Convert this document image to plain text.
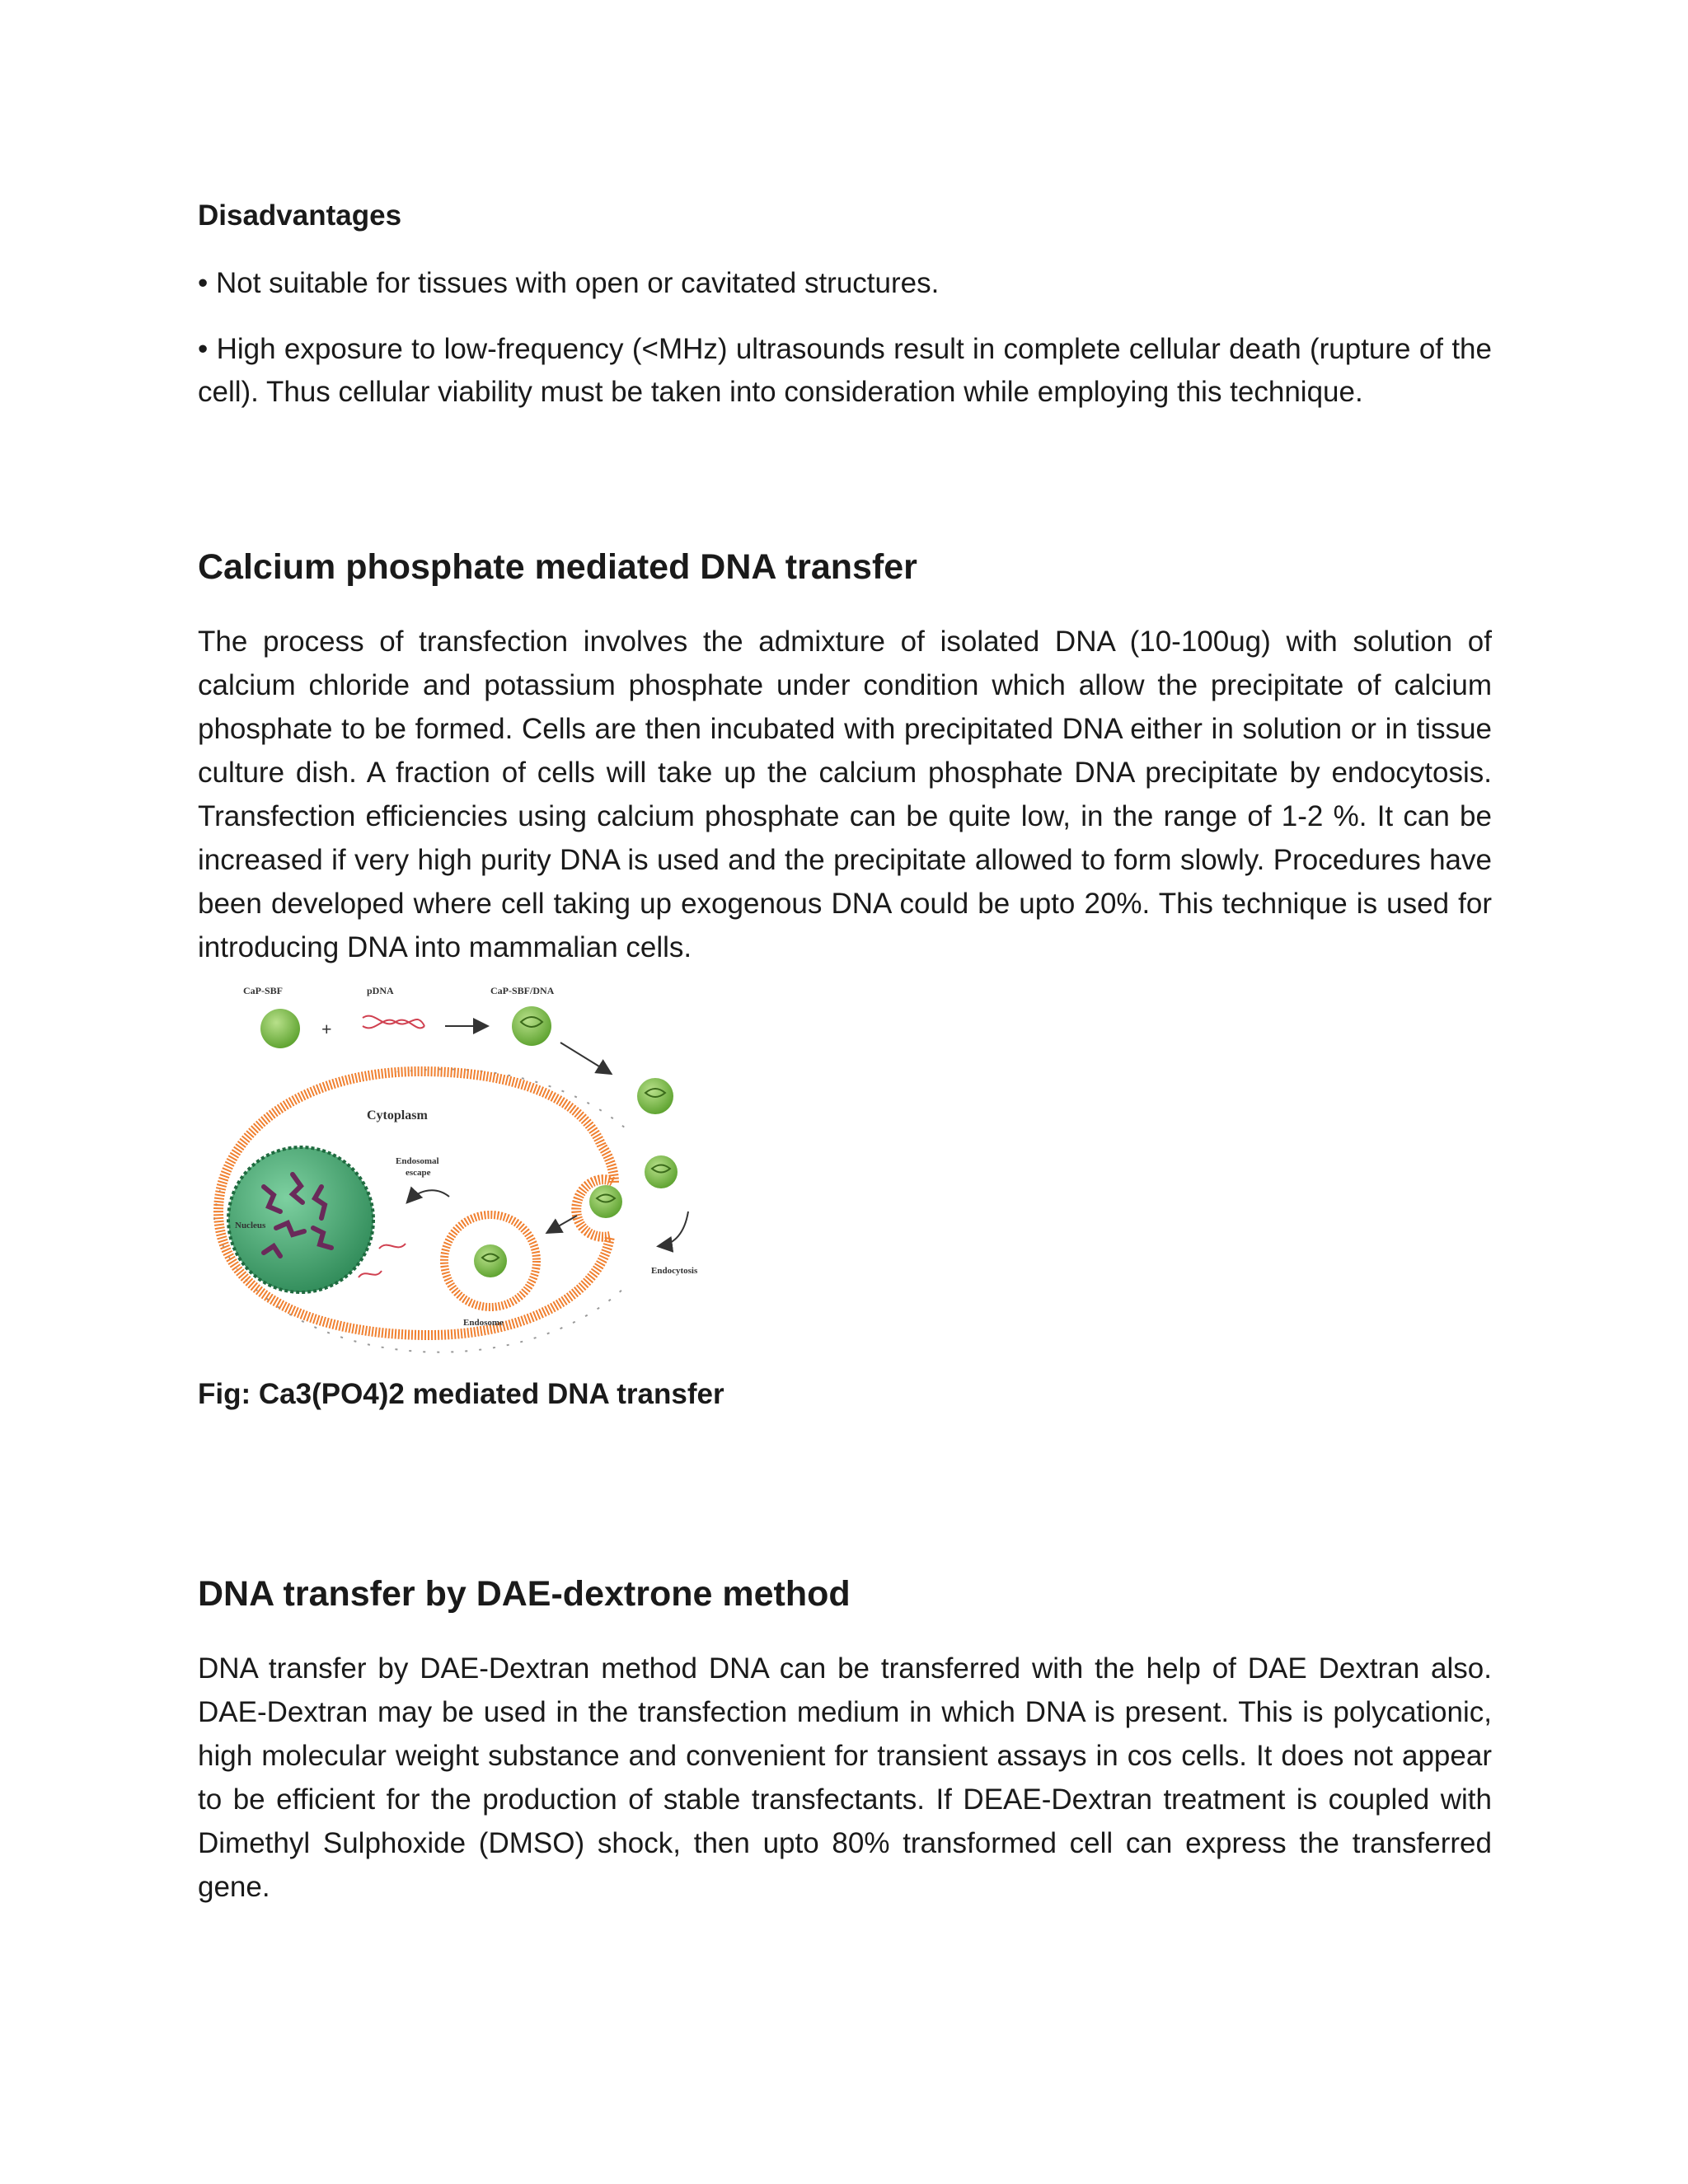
Disadvantages

• Not suitable for tissues with open or cavitated structures.

• High exposure to low-frequency (<MHz) ultrasounds result in complete cellular death (rupture of the cell). Thus cellular viability must be taken into consideration while employing this technique.

Calcium phosphate mediated DNA transfer

The process of transfection involves the admixture of isolated DNA (10-100ug) with solution of calcium chloride and potassium phosphate under condition which allow the precipitate of calcium phosphate to be formed. Cells are then incubated with precipitated DNA either in solution or in tissue culture dish. A fraction of cells will take up the calcium phosphate DNA precipitate by endocytosis. Transfection efficiencies using calcium phosphate can be quite low, in the range of 1-2 %. It can be increased if very high purity DNA is used and the precipitate allowed to form slowly. Procedures have been developed where cell taking up exogenous DNA could be upto 20%. This technique is used for introducing DNA into mammalian cells.

CaP-SBF	pDNA	CaP-SBF/DNA
+
Endocytosis
Cytoplasm
Nucleus
Endosomal
escape
Endosome

Fig: Ca3(PO4)2 mediated DNA transfer

DNA transfer by DAE-dextrone method

DNA transfer by DAE-Dextran method DNA can be transferred with the help of DAE Dextran also. DAE-Dextran may be used in the transfection medium in which DNA is present. This is polycationic, high molecular weight substance and convenient for transient assays in cos cells. It does not appear to be efficient for the production of stable transfectants. If DEAE-Dextran treatment is coupled with Dimethyl Sulphoxide (DMSO) shock, then upto 80% transformed cell can express the transferred gene.
